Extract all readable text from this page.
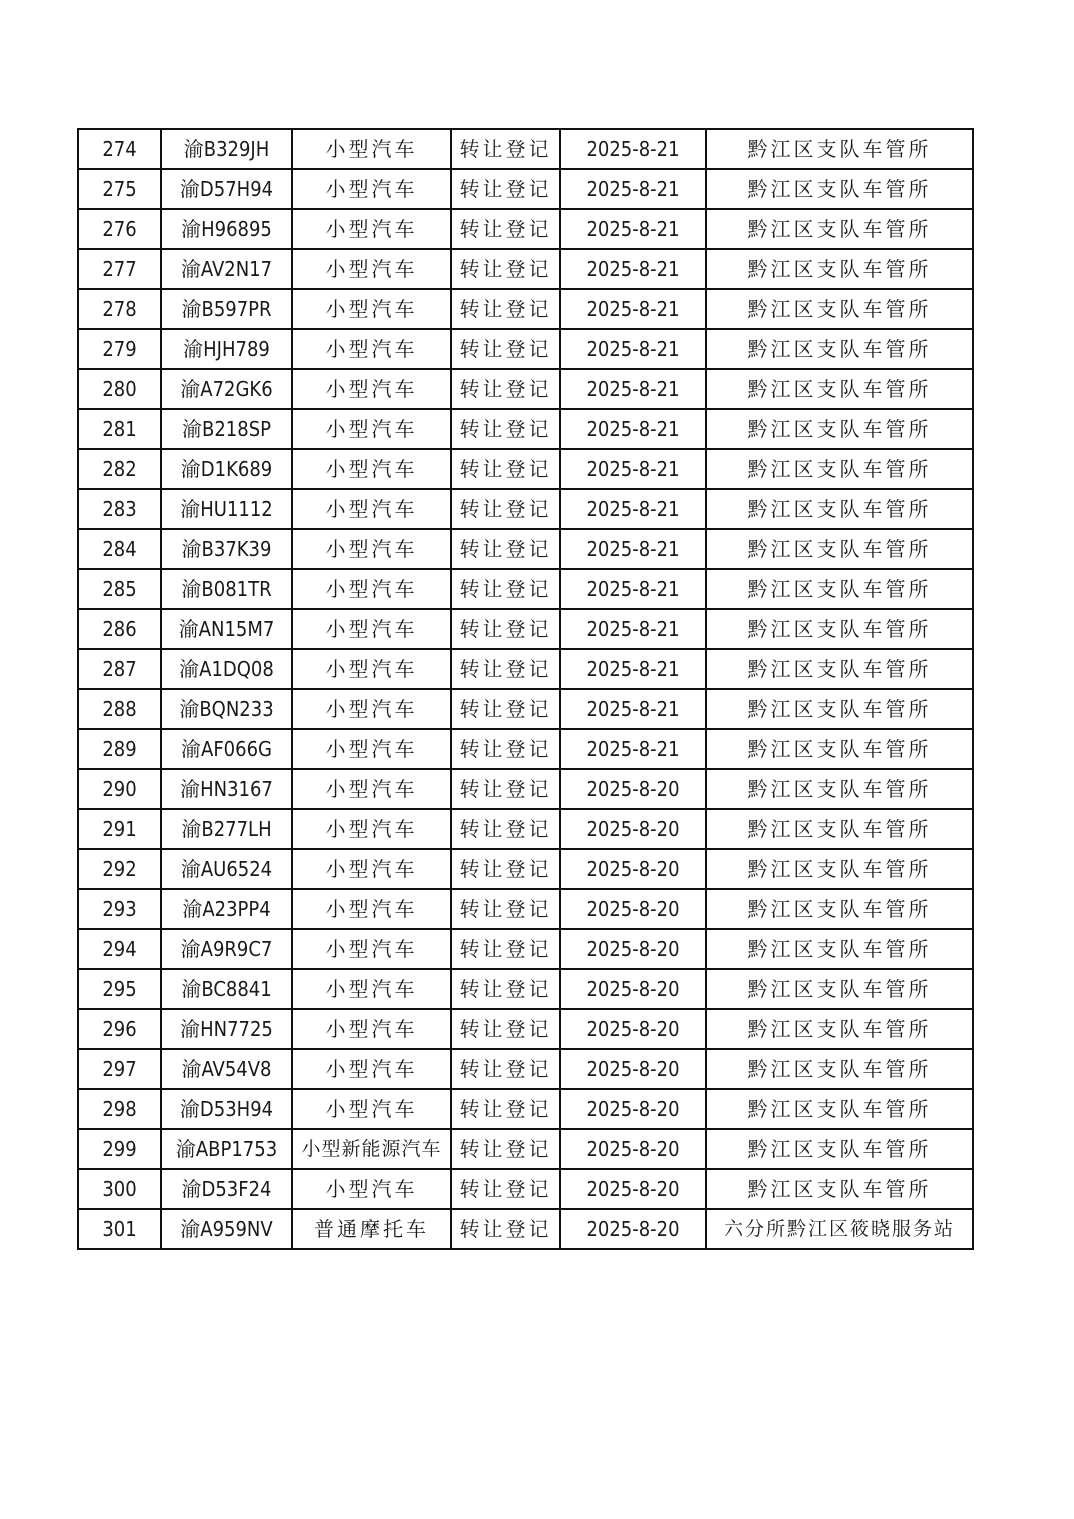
274	渝B329JH	小型汽车	转让登记	2025-8-21	黔江区支队车管所
275	渝D57H94	小型汽车	转让登记	2025-8-21	黔江区支队车管所
276	渝H96895	小型汽车	转让登记	2025-8-21	黔江区支队车管所
277	渝AV2N17	小型汽车	转让登记	2025-8-21	黔江区支队车管所
278	渝B597PR	小型汽车	转让登记	2025-8-21	黔江区支队车管所
279	渝HJH789	小型汽车	转让登记	2025-8-21	黔江区支队车管所
280	渝A72GK6	小型汽车	转让登记	2025-8-21	黔江区支队车管所
281	渝B218SP	小型汽车	转让登记	2025-8-21	黔江区支队车管所
282	渝D1K689	小型汽车	转让登记	2025-8-21	黔江区支队车管所
283	渝HU1112	小型汽车	转让登记	2025-8-21	黔江区支队车管所
284	渝B37K39	小型汽车	转让登记	2025-8-21	黔江区支队车管所
285	渝B081TR	小型汽车	转让登记	2025-8-21	黔江区支队车管所
286	渝AN15M7	小型汽车	转让登记	2025-8-21	黔江区支队车管所
287	渝A1DQ08	小型汽车	转让登记	2025-8-21	黔江区支队车管所
288	渝BQN233	小型汽车	转让登记	2025-8-21	黔江区支队车管所
289	渝AF066G	小型汽车	转让登记	2025-8-21	黔江区支队车管所
290	渝HN3167	小型汽车	转让登记	2025-8-20	黔江区支队车管所
291	渝B277LH	小型汽车	转让登记	2025-8-20	黔江区支队车管所
292	渝AU6524	小型汽车	转让登记	2025-8-20	黔江区支队车管所
293	渝A23PP4	小型汽车	转让登记	2025-8-20	黔江区支队车管所
294	渝A9R9C7	小型汽车	转让登记	2025-8-20	黔江区支队车管所
295	渝BC8841	小型汽车	转让登记	2025-8-20	黔江区支队车管所
296	渝HN7725	小型汽车	转让登记	2025-8-20	黔江区支队车管所
297	渝AV54V8	小型汽车	转让登记	2025-8-20	黔江区支队车管所
298	渝D53H94	小型汽车	转让登记	2025-8-20	黔江区支队车管所
299	渝ABP1753	小型新能源汽车	转让登记	2025-8-20	黔江区支队车管所
300	渝D53F24	小型汽车	转让登记	2025-8-20	黔江区支队车管所
301	渝A959NV	普通摩托车	转让登记	2025-8-20	六分所黔江区筱晓服务站
